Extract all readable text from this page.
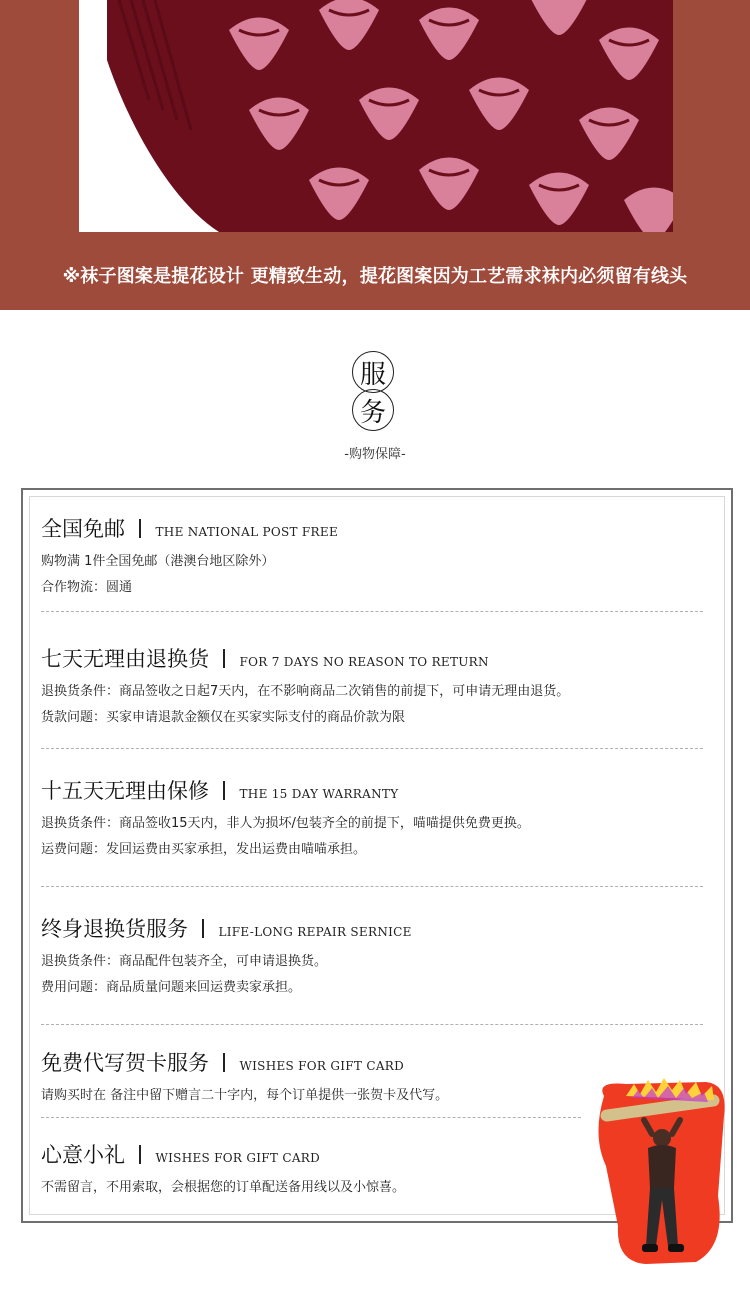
※袜子图案是提花设计 更精致生动，提花图案因为工艺需求袜内必须留有线头
服
务
-购物保障-
全国免邮	THE NATIONAL POST FREE
购物满 1件全国免邮（港澳台地区除外）
合作物流：圆通
七天无理由退换货	FOR 7 DAYS NO REASON TO RETURN
退换货条件：商品签收之日起7天内，在不影响商品二次销售的前提下，可申请无理由退货。
货款问题：买家申请退款金额仅在买家实际支付的商品价款为限
十五天无理由保修	THE 15 DAY WARRANTY
退换货条件：商品签收15天内，非人为损坏/包装齐全的前提下，喵喵提供免费更换。
运费问题：发回运费由买家承担，发出运费由喵喵承担。
终身退换货服务	LIFE-LONG REPAIR SERNICE
退换货条件：商品配件包装齐全，可申请退换货。
费用问题：商品质量问题来回运费卖家承担。
免费代写贺卡服务	WISHES FOR GIFT CARD
请购买时在 备注中留下赠言二十字内，每个订单提供一张贺卡及代写。
心意小礼	WISHES FOR GIFT CARD
不需留言，不用索取，会根据您的订单配送备用线以及小惊喜。
